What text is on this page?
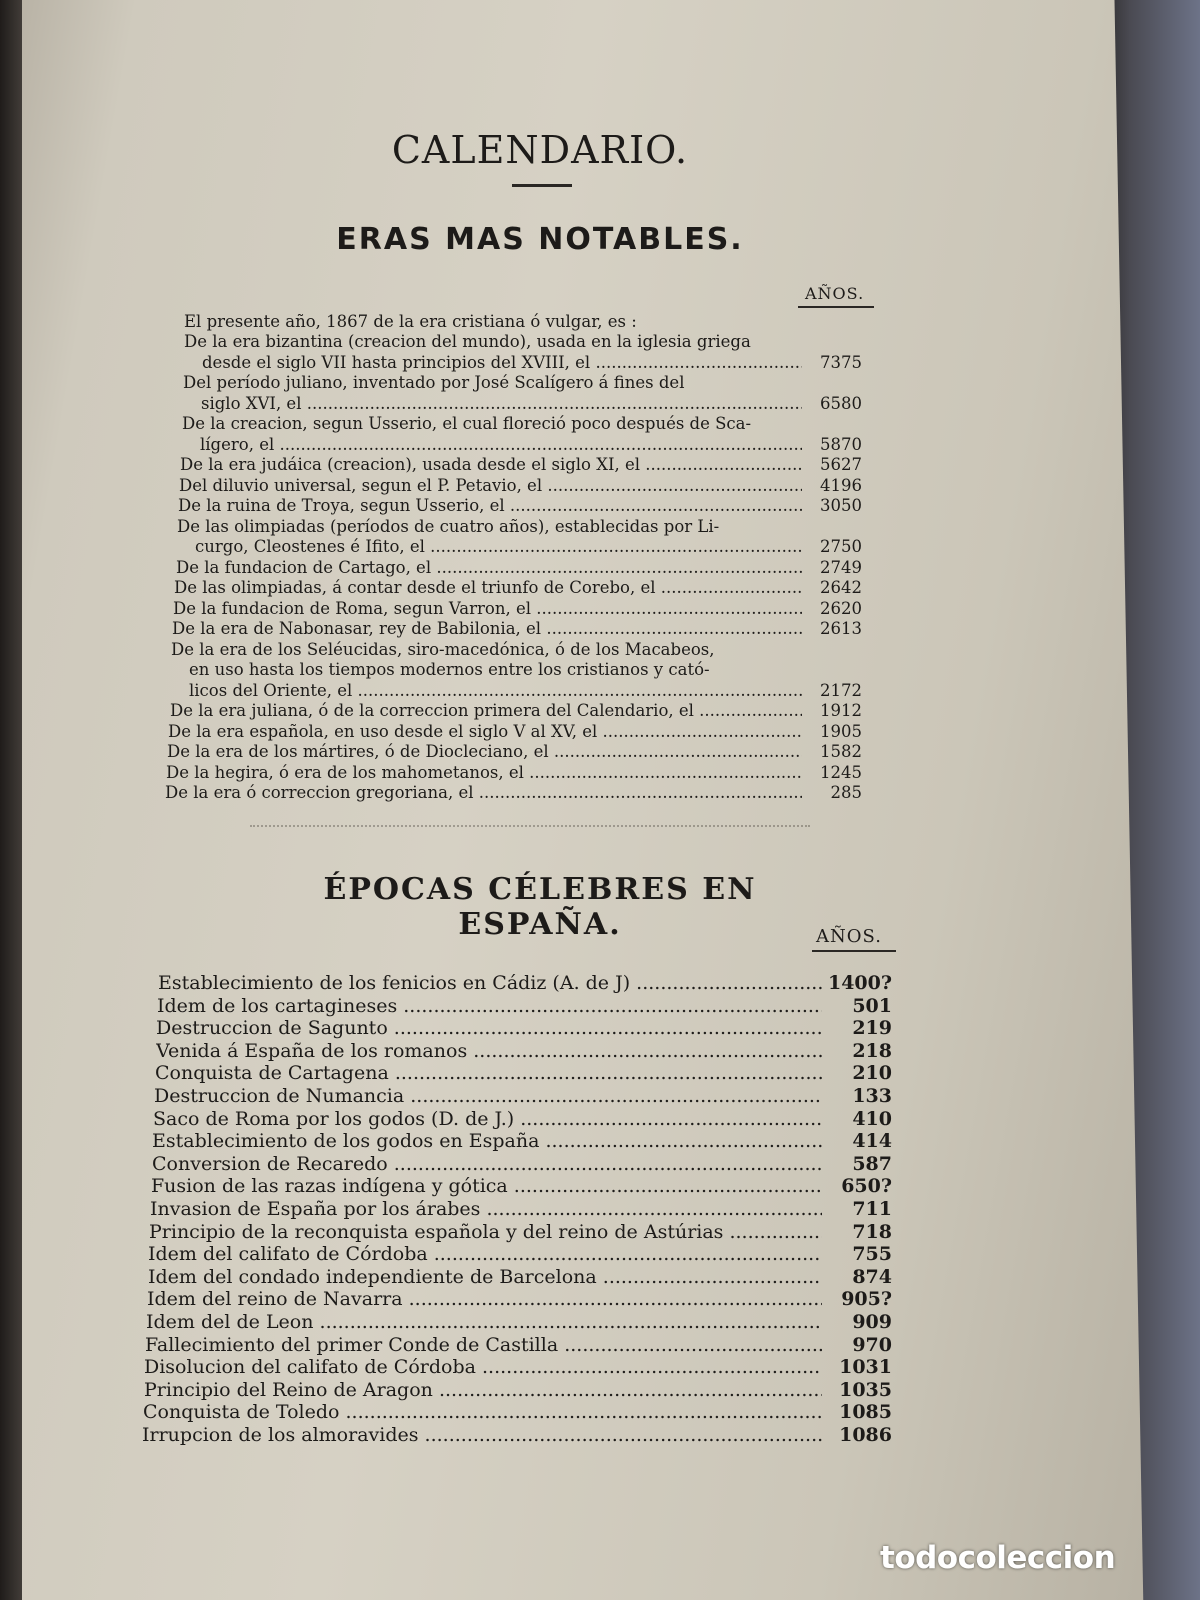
CALENDARIO.
ERAS MAS NOTABLES.
AÑOS.
El presente año, 1867 de la era cristiana ó vulgar, es :
De la era bizantina (creacion del mundo), usada en la iglesia griega
desde el siglo VII hasta principios del XVIII, el .....	7375
Del período juliano, inventado por José Scalígero á fines del
siglo XVI, el .....	6580
De la creacion, segun Usserio, el cual floreció poco después de Sca-
lígero, el .....	5870
De la era judáica (creacion), usada desde el siglo XI, el .....	5627
Del diluvio universal, segun el P. Petavio, el .....	4196
De la ruina de Troya, segun Usserio, el .....	3050
De las olimpiadas (períodos de cuatro años), establecidas por Li-
curgo, Cleostenes é Ifito, el .....	2750
De la fundacion de Cartago, el .....	2749
De las olimpiadas, á contar desde el triunfo de Corebo, el .....	2642
De la fundacion de Roma, segun Varron, el .....	2620
De la era de Nabonasar, rey de Babilonia, el .....	2613
De la era de los Seléucidas, siro-macedónica, ó de los Macabeos,
en uso hasta los tiempos modernos entre los cristianos y cató-
licos del Oriente, el .....	2172
De la era juliana, ó de la correccion primera del Calendario, el .....	1912
De la era española, en uso desde el siglo V al XV, el .....	1905
De la era de los mártires, ó de Diocleciano, el .....	1582
De la hegira, ó era de los mahometanos, el .....	1245
De la era ó correccion gregoriana, el .....	285
ÉPOCAS CÉLEBRES EN ESPAÑA.	AÑOS.
Establecimiento de los fenicios en Cádiz (A. de J) .....	1400?
Idem de los cartagineses .....	501
Destruccion de Sagunto .....	219
Venida á España de los romanos .....	218
Conquista de Cartagena .....	210
Destruccion de Numancia .....	133
Saco de Roma por los godos (D. de J.) .....	410
Establecimiento de los godos en España .....	414
Conversion de Recaredo .....	587
Fusion de las razas indígena y gótica .....	650?
Invasion de España por los árabes .....	711
Principio de la reconquista española y del reino de Astúrias .....	718
Idem del califato de Córdoba .....	755
Idem del condado independiente de Barcelona .....	874
Idem del reino de Navarra .....	905?
Idem del de Leon .....	909
Fallecimiento del primer Conde de Castilla .....	970
Disolucion del califato de Córdoba .....	1031
Principio del Reino de Aragon .....	1035
Conquista de Toledo .....	1085
Irrupcion de los almoravides .....	1086
todocoleccion
